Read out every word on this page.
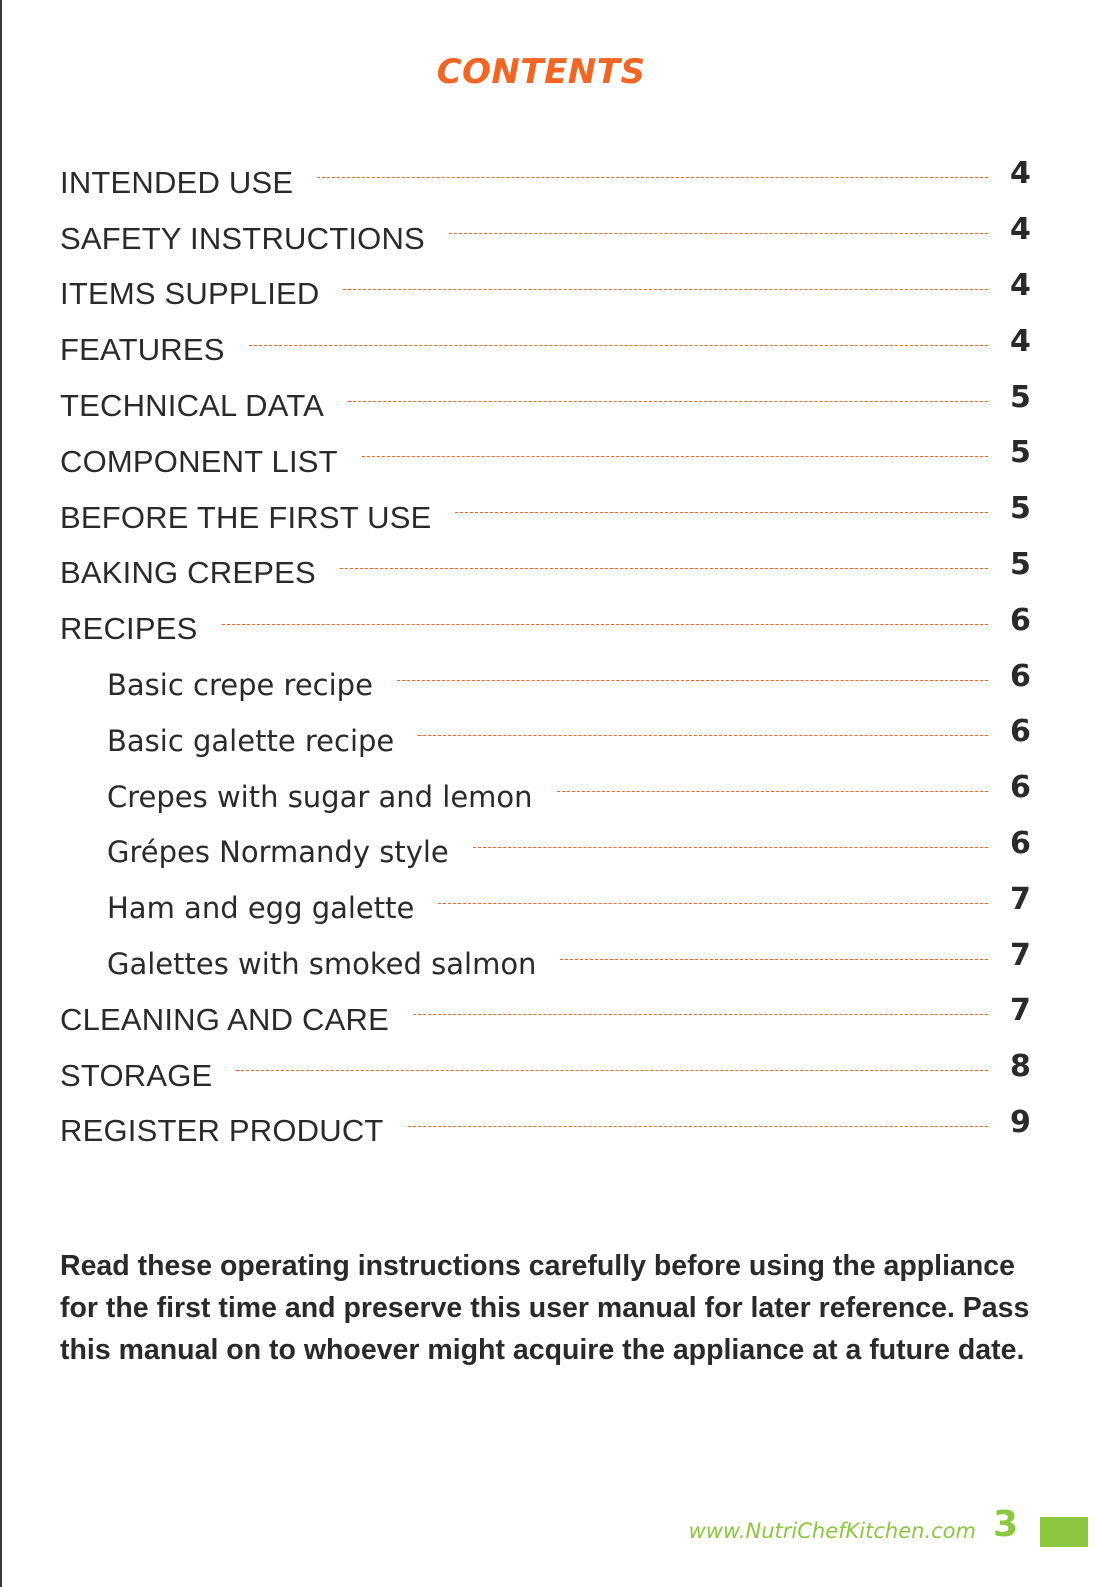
CONTENTS
INTENDED USE	4
SAFETY INSTRUCTIONS	4
ITEMS SUPPLIED	4
FEATURES	4
TECHNICAL DATA	5
COMPONENT LIST	5
BEFORE THE FIRST USE	5
BAKING CREPES	5
RECIPES	6
Basic crepe recipe	6
Basic galette recipe	6
Crepes with sugar and lemon	6
Grépes Normandy style	6
Ham and egg galette	7
Galettes with smoked salmon	7
CLEANING AND CARE	7
STORAGE	8
REGISTER PRODUCT	9

Read these operating instructions carefully before using the appliance for the first time and preserve this user manual for later reference. Pass this manual on to whoever might acquire the appliance at a future date.

www.NutriChefKitchen.com 3
